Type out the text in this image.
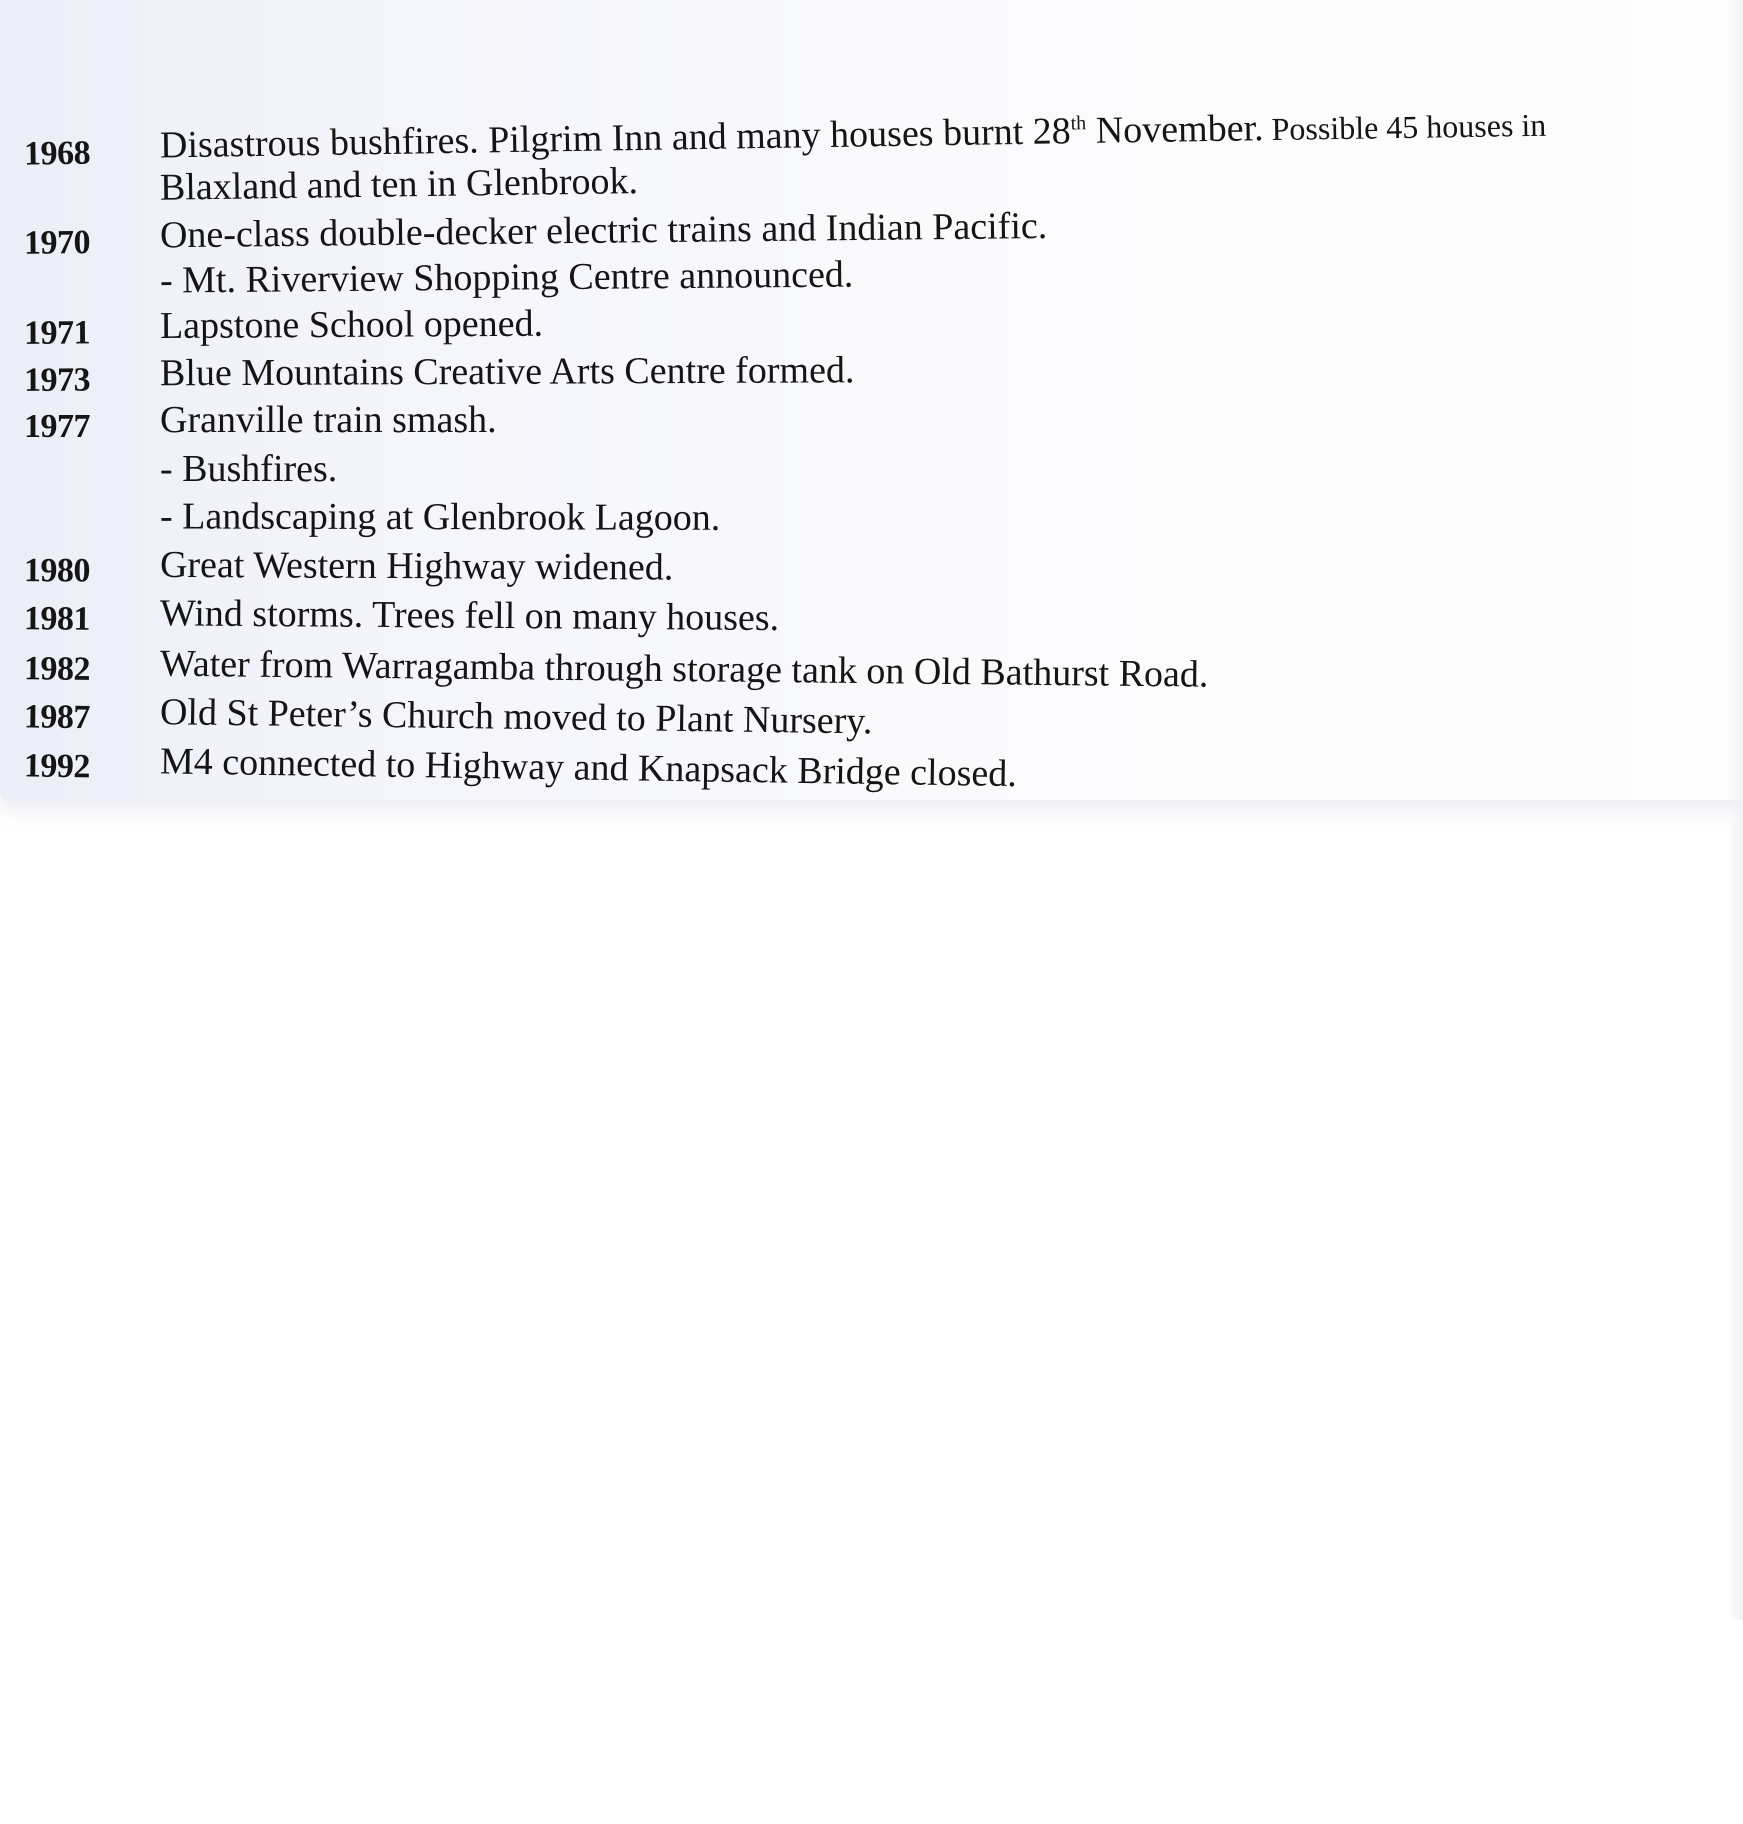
1968	Disastrous bushfires. Pilgrim Inn and many houses burnt 28th November. Possible 45 houses in
Blaxland and ten in Glenbrook.
1970	One-class double-decker electric trains and Indian Pacific.
- Mt. Riverview Shopping Centre announced.
1971	Lapstone School opened.
1973	Blue Mountains Creative Arts Centre formed.
1977	Granville train smash.
- Bushfires.
- Landscaping at Glenbrook Lagoon.
1980	Great Western Highway widened.
1981	Wind storms. Trees fell on many houses.
1982	Water from Warragamba through storage tank on Old Bathurst Road.
1987	Old St Peter’s Church moved to Plant Nursery.
1992	M4 connected to Highway and Knapsack Bridge closed.
